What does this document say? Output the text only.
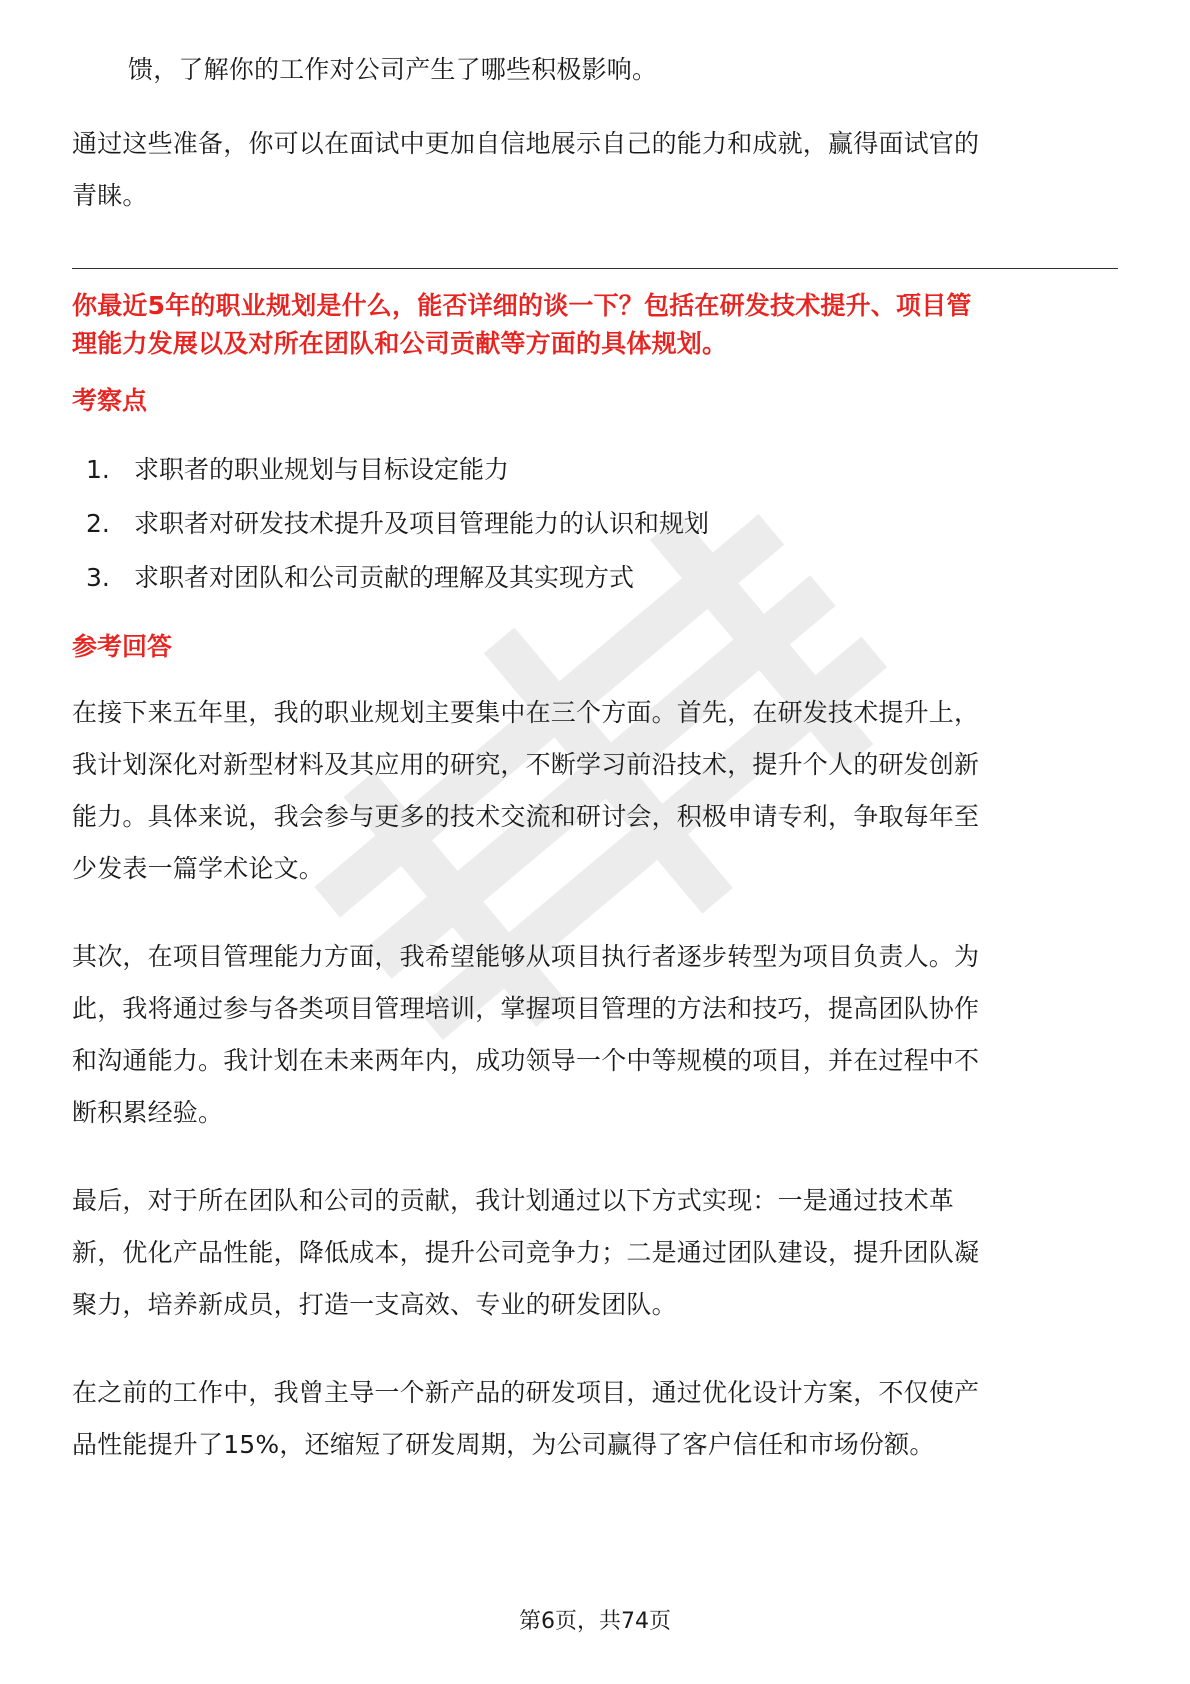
馈，了解你的工作对公司产生了哪些积极影响。

通过这些准备，你可以在面试中更加自信地展示自己的能力和成就，赢得面试官的
青睐。

你最近5年的职业规划是什么，能否详细的谈一下？包括在研发技术提升、项目管
理能力发展以及对所在团队和公司贡献等方面的具体规划。

考察点

1. 求职者的职业规划与目标设定能力
2. 求职者对研发技术提升及项目管理能力的认识和规划
3. 求职者对团队和公司贡献的理解及其实现方式

参考回答

在接下来五年里，我的职业规划主要集中在三个方面。首先，在研发技术提升上，
我计划深化对新型材料及其应用的研究，不断学习前沿技术，提升个人的研发创新
能力。具体来说，我会参与更多的技术交流和研讨会，积极申请专利，争取每年至
少发表一篇学术论文。

其次，在项目管理能力方面，我希望能够从项目执行者逐步转型为项目负责人。为
此，我将通过参与各类项目管理培训，掌握项目管理的方法和技巧，提高团队协作
和沟通能力。我计划在未来两年内，成功领导一个中等规模的项目，并在过程中不
断积累经验。

最后，对于所在团队和公司的贡献，我计划通过以下方式实现：一是通过技术革
新，优化产品性能，降低成本，提升公司竞争力；二是通过团队建设，提升团队凝
聚力，培养新成员，打造一支高效、专业的研发团队。

在之前的工作中，我曾主导一个新产品的研发项目，通过优化设计方案，不仅使产
品性能提升了15%，还缩短了研发周期，为公司赢得了客户信任和市场份额。

第6页，共74页
